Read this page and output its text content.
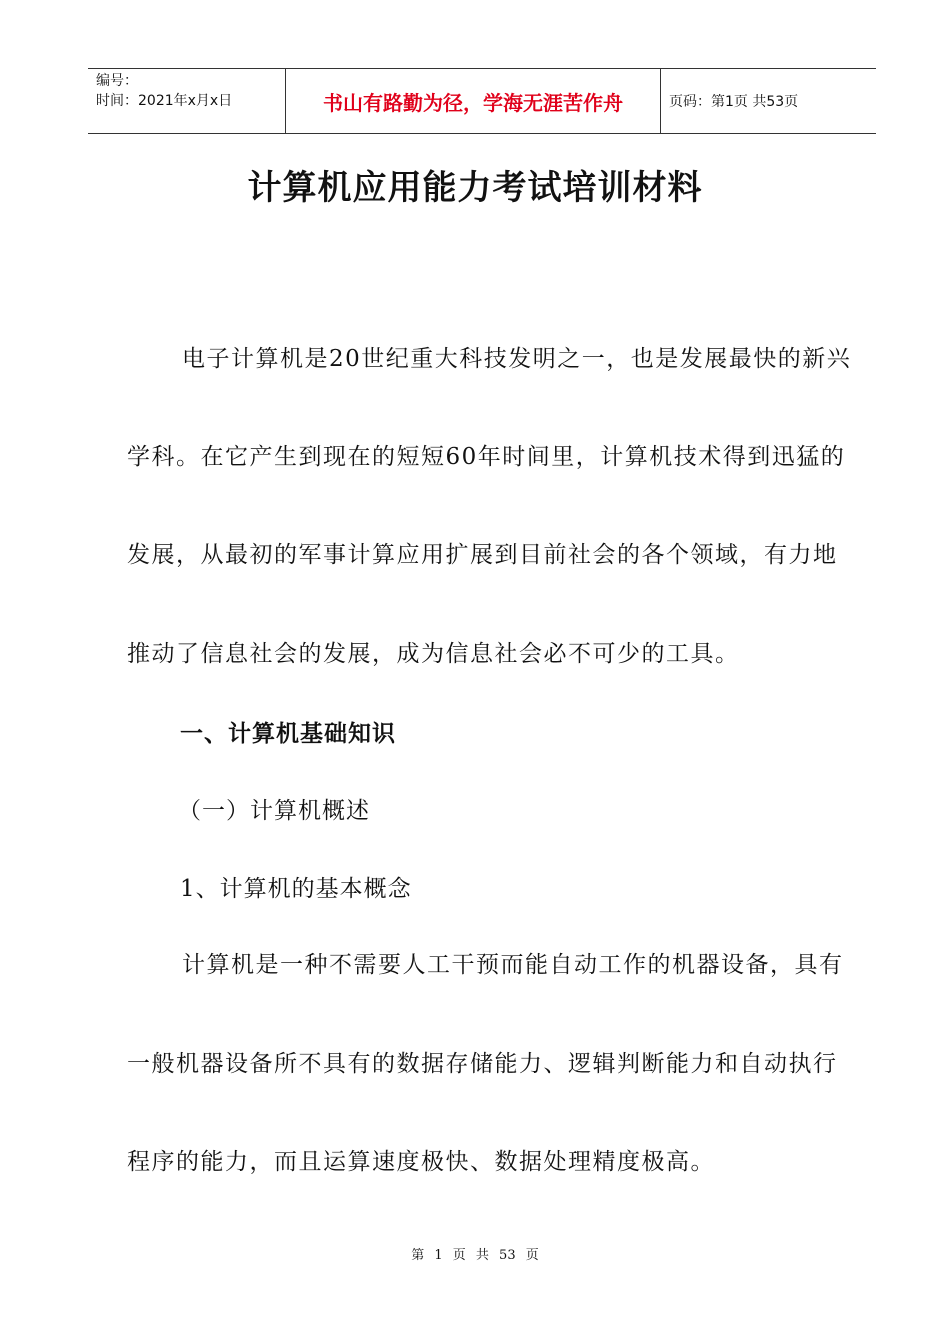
编号：
时间：2021年x月x日	书山有路勤为径，学海无涯苦作舟	页码：第1页 共53页
计算机应用能力考试培训材料
电子计算机是20世纪重大科技发明之一，也是发展最快的新兴
学科。在它产生到现在的短短60年时间里，计算机技术得到迅猛的
发展，从最初的军事计算应用扩展到目前社会的各个领域，有力地
推动了信息社会的发展，成为信息社会必不可少的工具。
一、计算机基础知识
（一）计算机概述
1、计算机的基本概念
计算机是一种不需要人工干预而能自动工作的机器设备，具有
一般机器设备所不具有的数据存储能力、逻辑判断能力和自动执行
程序的能力，而且运算速度极快、数据处理精度极高。
第 1 页 共 53 页
